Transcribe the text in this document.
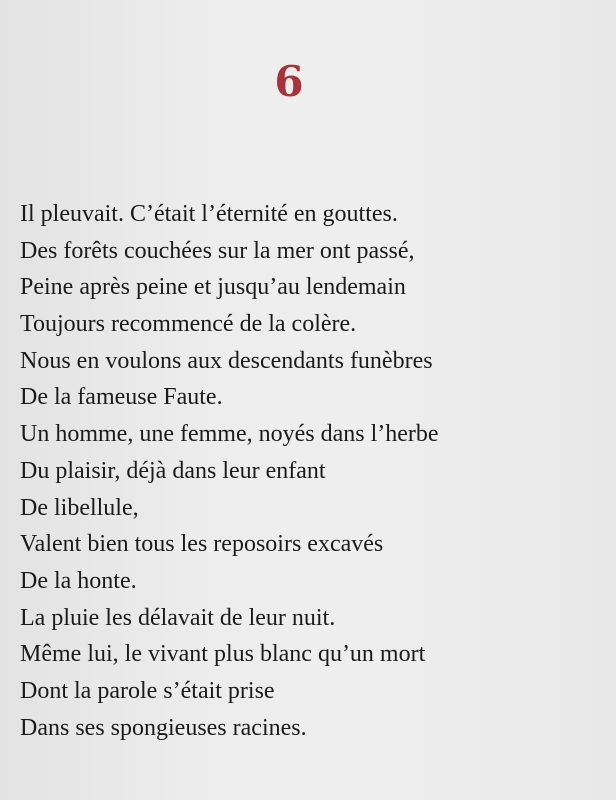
6
Il pleuvait. C’était l’éternité en gouttes.
Des forêts couchées sur la mer ont passé,
Peine après peine et jusqu’au lendemain
Toujours recommencé de la colère.
Nous en voulons aux descendants funèbres
De la fameuse Faute.
Un homme, une femme, noyés dans l’herbe
Du plaisir, déjà dans leur enfant
De libellule,
Valent bien tous les reposoirs excavés
De la honte.
La pluie les délavait de leur nuit.
Même lui, le vivant plus blanc qu’un mort
Dont la parole s’était prise
Dans ses spongieuses racines.
